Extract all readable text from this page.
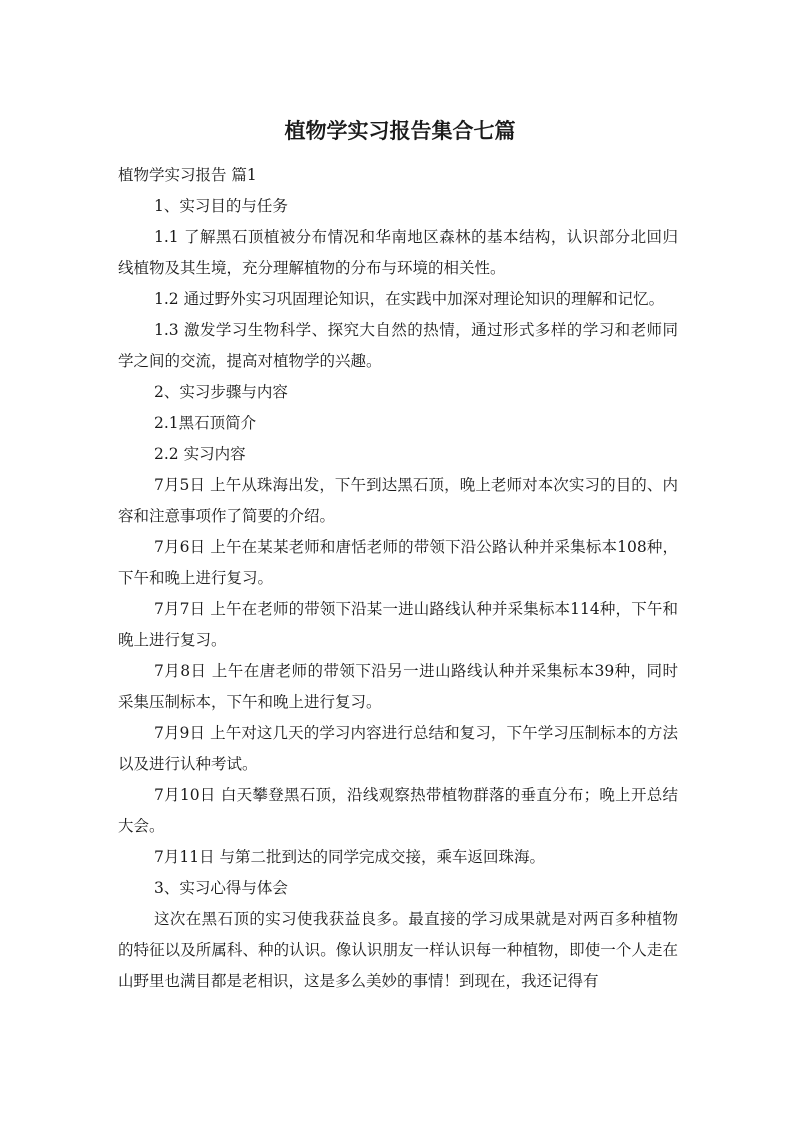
植物学实习报告集合七篇

植物学实习报告 篇1

1、实习目的与任务

1.1 了解黑石顶植被分布情况和华南地区森林的基本结构，认识部分北回归线植物及其生境，充分理解植物的分布与环境的相关性。

1.2 通过野外实习巩固理论知识，在实践中加深对理论知识的理解和记忆。

1.3 激发学习生物科学、探究大自然的热情，通过形式多样的学习和老师同学之间的交流，提高对植物学的兴趣。

2、实习步骤与内容

2.1黑石顶简介

2.2 实习内容

7月5日 上午从珠海出发，下午到达黑石顶，晚上老师对本次实习的目的、内容和注意事项作了简要的介绍。

7月6日 上午在某某老师和唐恬老师的带领下沿公路认种并采集标本108种，下午和晚上进行复习。

7月7日 上午在老师的带领下沿某一进山路线认种并采集标本114种，下午和晚上进行复习。

7月8日 上午在唐老师的带领下沿另一进山路线认种并采集标本39种，同时采集压制标本，下午和晚上进行复习。

7月9日 上午对这几天的学习内容进行总结和复习，下午学习压制标本的方法以及进行认种考试。

7月10日 白天攀登黑石顶，沿线观察热带植物群落的垂直分布；晚上开总结大会。

7月11日 与第二批到达的同学完成交接，乘车返回珠海。

3、实习心得与体会

这次在黑石顶的实习使我获益良多。最直接的学习成果就是对两百多种植物的特征以及所属科、种的认识。像认识朋友一样认识每一种植物，即使一个人走在山野里也满目都是老相识，这是多么美妙的事情！到现在，我还记得有
